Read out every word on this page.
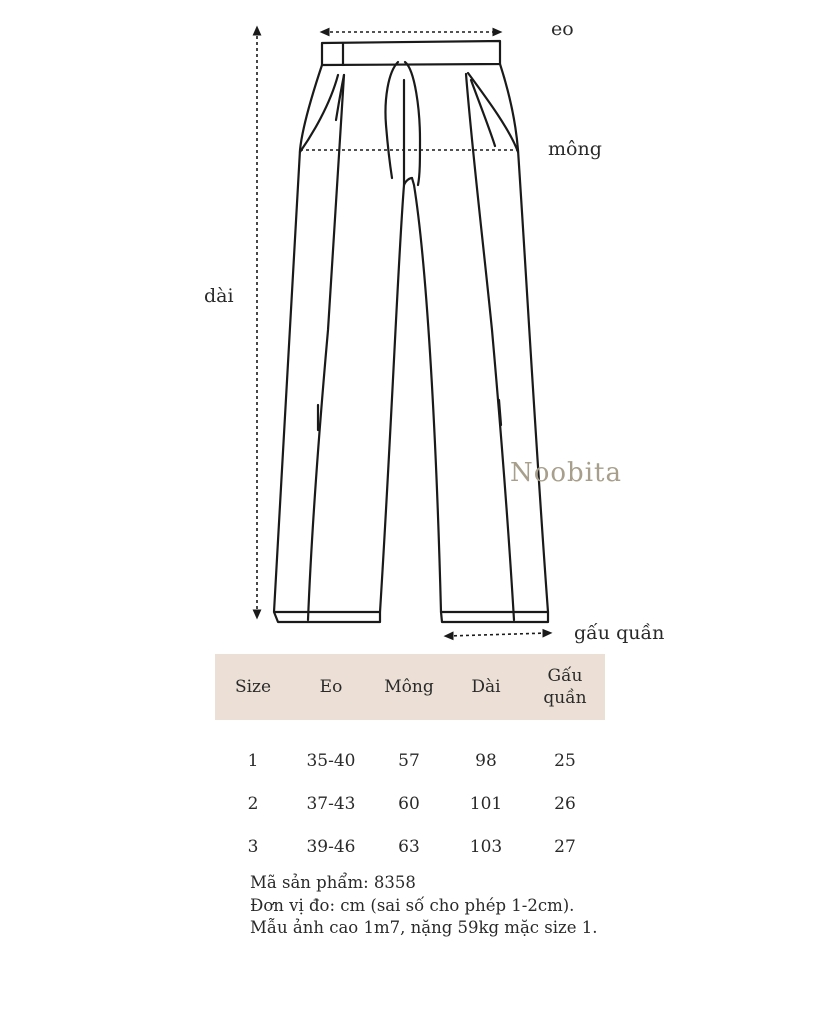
eo
mông
dài
gấu quần
Noobita
Size	Eo	Mông	Dài	Gấu quần
1	35-40	57	98	25
2	37-43	60	101	26
3	39-46	63	103	27
Mã sản phẩm: 8358
Đơn vị đo: cm (sai số cho phép 1-2cm).
Mẫu ảnh cao 1m7, nặng 59kg mặc size 1.
